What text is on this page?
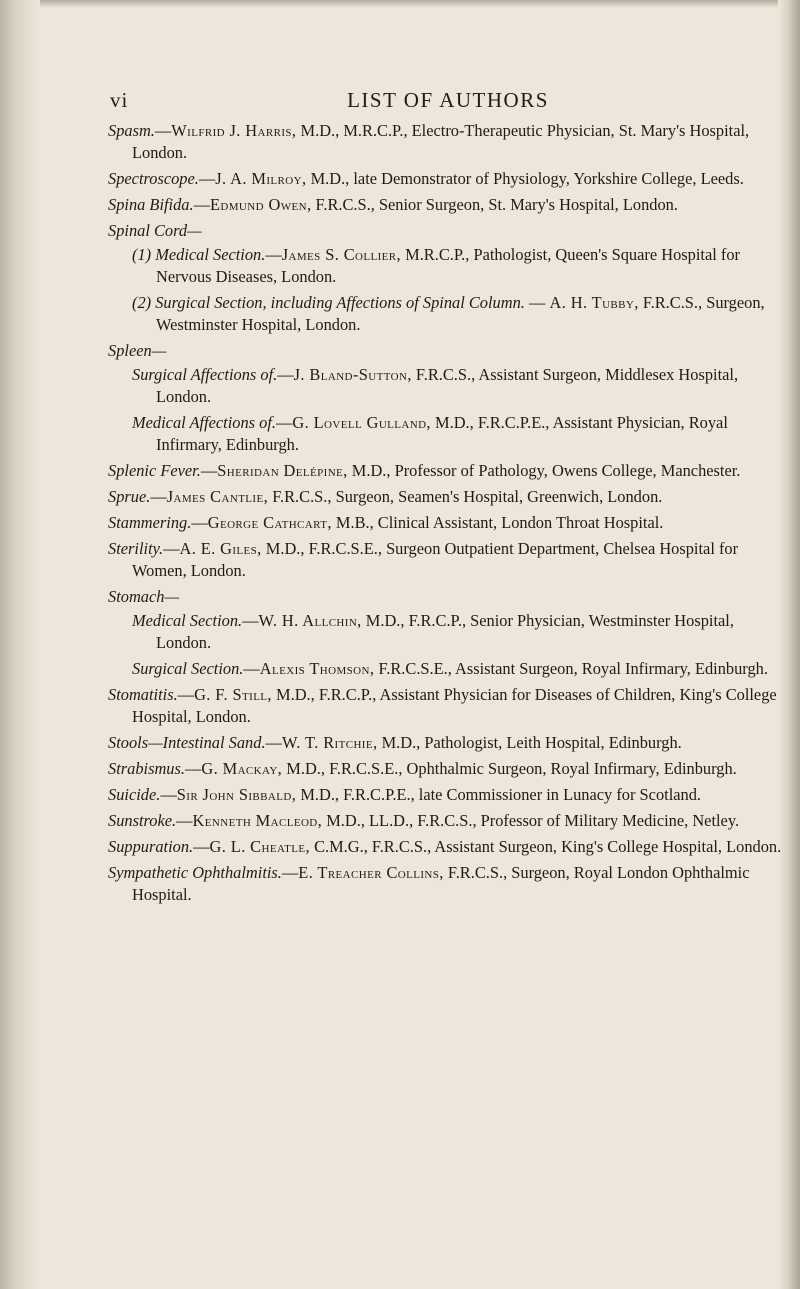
vi	LIST OF AUTHORS
Spasm.—Wilfrid J. Harris, M.D., M.R.C.P., Electro-Therapeutic Physician, St. Mary's Hospital, London.
Spectroscope.—J. A. Milroy, M.D., late Demonstrator of Physiology, Yorkshire College, Leeds.
Spina Bifida.—Edmund Owen, F.R.C.S., Senior Surgeon, St. Mary's Hospital, London.
Spinal Cord—
(1) Medical Section.—James S. Collier, M.R.C.P., Pathologist, Queen's Square Hospital for Nervous Diseases, London.
(2) Surgical Section, including Affections of Spinal Column. — A. H. Tubby, F.R.C.S., Surgeon, Westminster Hospital, London.
Spleen—
Surgical Affections of.—J. Bland-Sutton, F.R.C.S., Assistant Surgeon, Middlesex Hospital, London.
Medical Affections of.—G. Lovell Gulland, M.D., F.R.C.P.E., Assistant Physician, Royal Infirmary, Edinburgh.
Splenic Fever.—Sheridan Delépine, M.D., Professor of Pathology, Owens College, Manchester.
Sprue.—James Cantlie, F.R.C.S., Surgeon, Seamen's Hospital, Greenwich, London.
Stammering.—George Cathcart, M.B., Clinical Assistant, London Throat Hospital.
Sterility.—A. E. Giles, M.D., F.R.C.S.E., Surgeon Outpatient Department, Chelsea Hospital for Women, London.
Stomach—
Medical Section.—W. H. Allchin, M.D., F.R.C.P., Senior Physician, Westminster Hospital, London.
Surgical Section.—Alexis Thomson, F.R.C.S.E., Assistant Surgeon, Royal Infirmary, Edinburgh.
Stomatitis.—G. F. Still, M.D., F.R.C.P., Assistant Physician for Diseases of Children, King's College Hospital, London.
Stools—Intestinal Sand.—W. T. Ritchie, M.D., Pathologist, Leith Hospital, Edinburgh.
Strabismus.—G. Mackay, M.D., F.R.C.S.E., Ophthalmic Surgeon, Royal Infirmary, Edinburgh.
Suicide.—Sir John Sibbald, M.D., F.R.C.P.E., late Commissioner in Lunacy for Scotland.
Sunstroke.—Kenneth Macleod, M.D., LL.D., F.R.C.S., Professor of Military Medicine, Netley.
Suppuration.—G. L. Cheatle, C.M.G., F.R.C.S., Assistant Surgeon, King's College Hospital, London.
Sympathetic Ophthalmitis.—E. Treacher Collins, F.R.C.S., Surgeon, Royal London Ophthalmic Hospital.
